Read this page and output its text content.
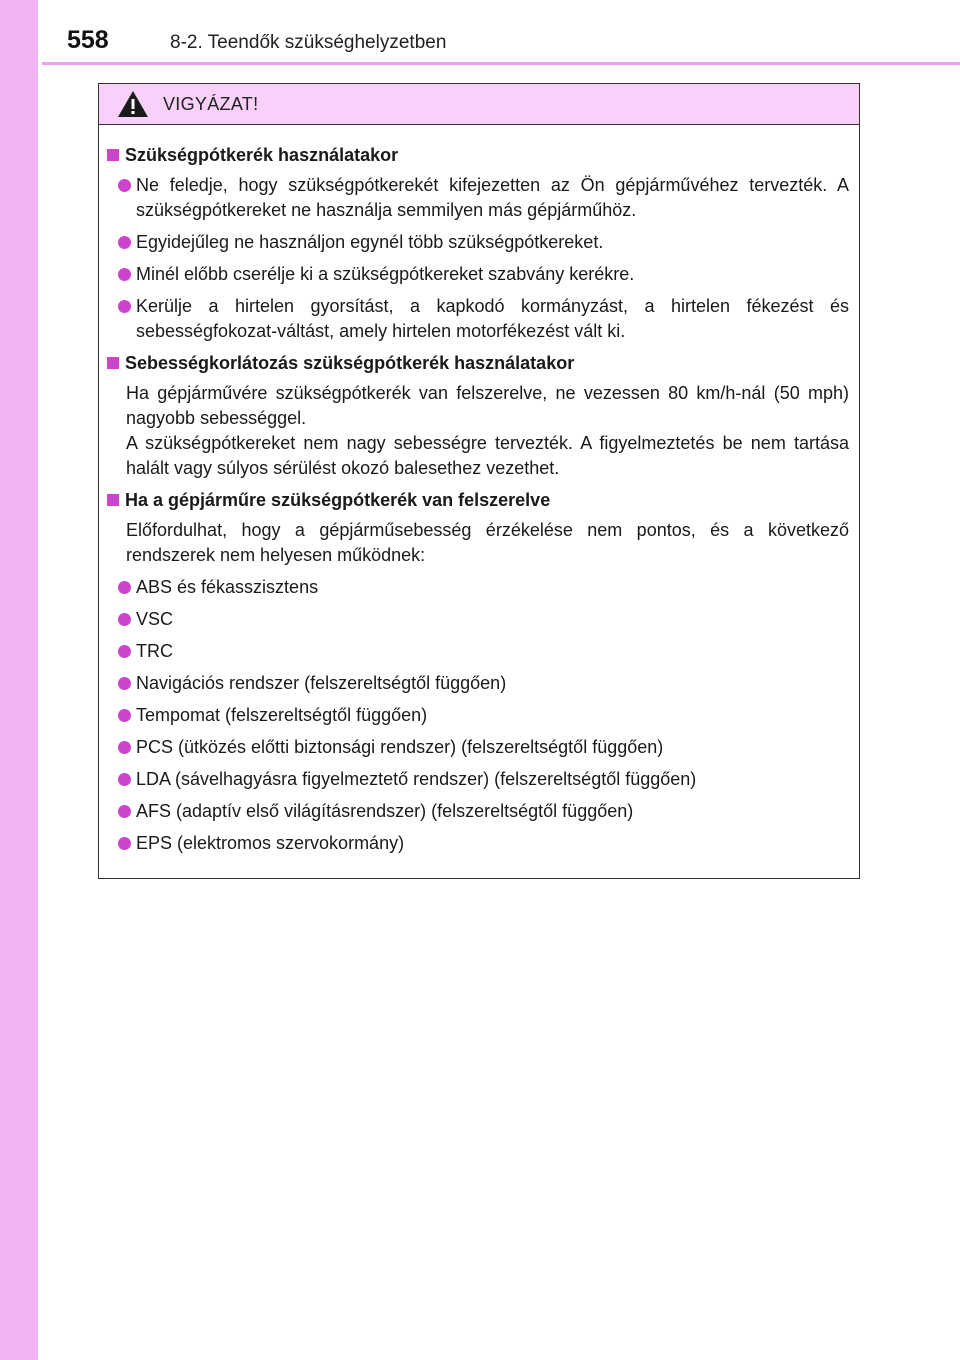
558	8-2. Teendők szükséghelyzetben
VIGYÁZAT!
Szükségpótkerék használatakor
Ne feledje, hogy szükségpótkerekét kifejezetten az Ön gépjárművéhez tervezték. A szükségpótkereket ne használja semmilyen más gépjárműhöz.
Egyidejűleg ne használjon egynél több szükségpótkereket.
Minél előbb cserélje ki a szükségpótkereket szabvány kerékre.
Kerülje a hirtelen gyorsítást, a kapkodó kormányzást, a hirtelen fékezést és sebességfokozat-váltást, amely hirtelen motorfékezést vált ki.
Sebességkorlátozás szükségpótkerék használatakor
Ha gépjárművére szükségpótkerék van felszerelve, ne vezessen 80 km/h-nál (50 mph) nagyobb sebességgel.
A szükségpótkereket nem nagy sebességre tervezték. A figyelmeztetés be nem tartása halált vagy súlyos sérülést okozó balesethez vezethet.
Ha a gépjárműre szükségpótkerék van felszerelve
Előfordulhat, hogy a gépjárműsebesség érzékelése nem pontos, és a következő rendszerek nem helyesen működnek:
ABS és fékasszisztens
VSC
TRC
Navigációs rendszer (felszereltségtől függően)
Tempomat (felszereltségtől függően)
PCS (ütközés előtti biztonsági rendszer) (felszereltségtől függően)
LDA (sávelhagyásra figyelmeztető rendszer) (felszereltségtől függően)
AFS (adaptív első világításrendszer) (felszereltségtől függően)
EPS (elektromos szervokormány)
